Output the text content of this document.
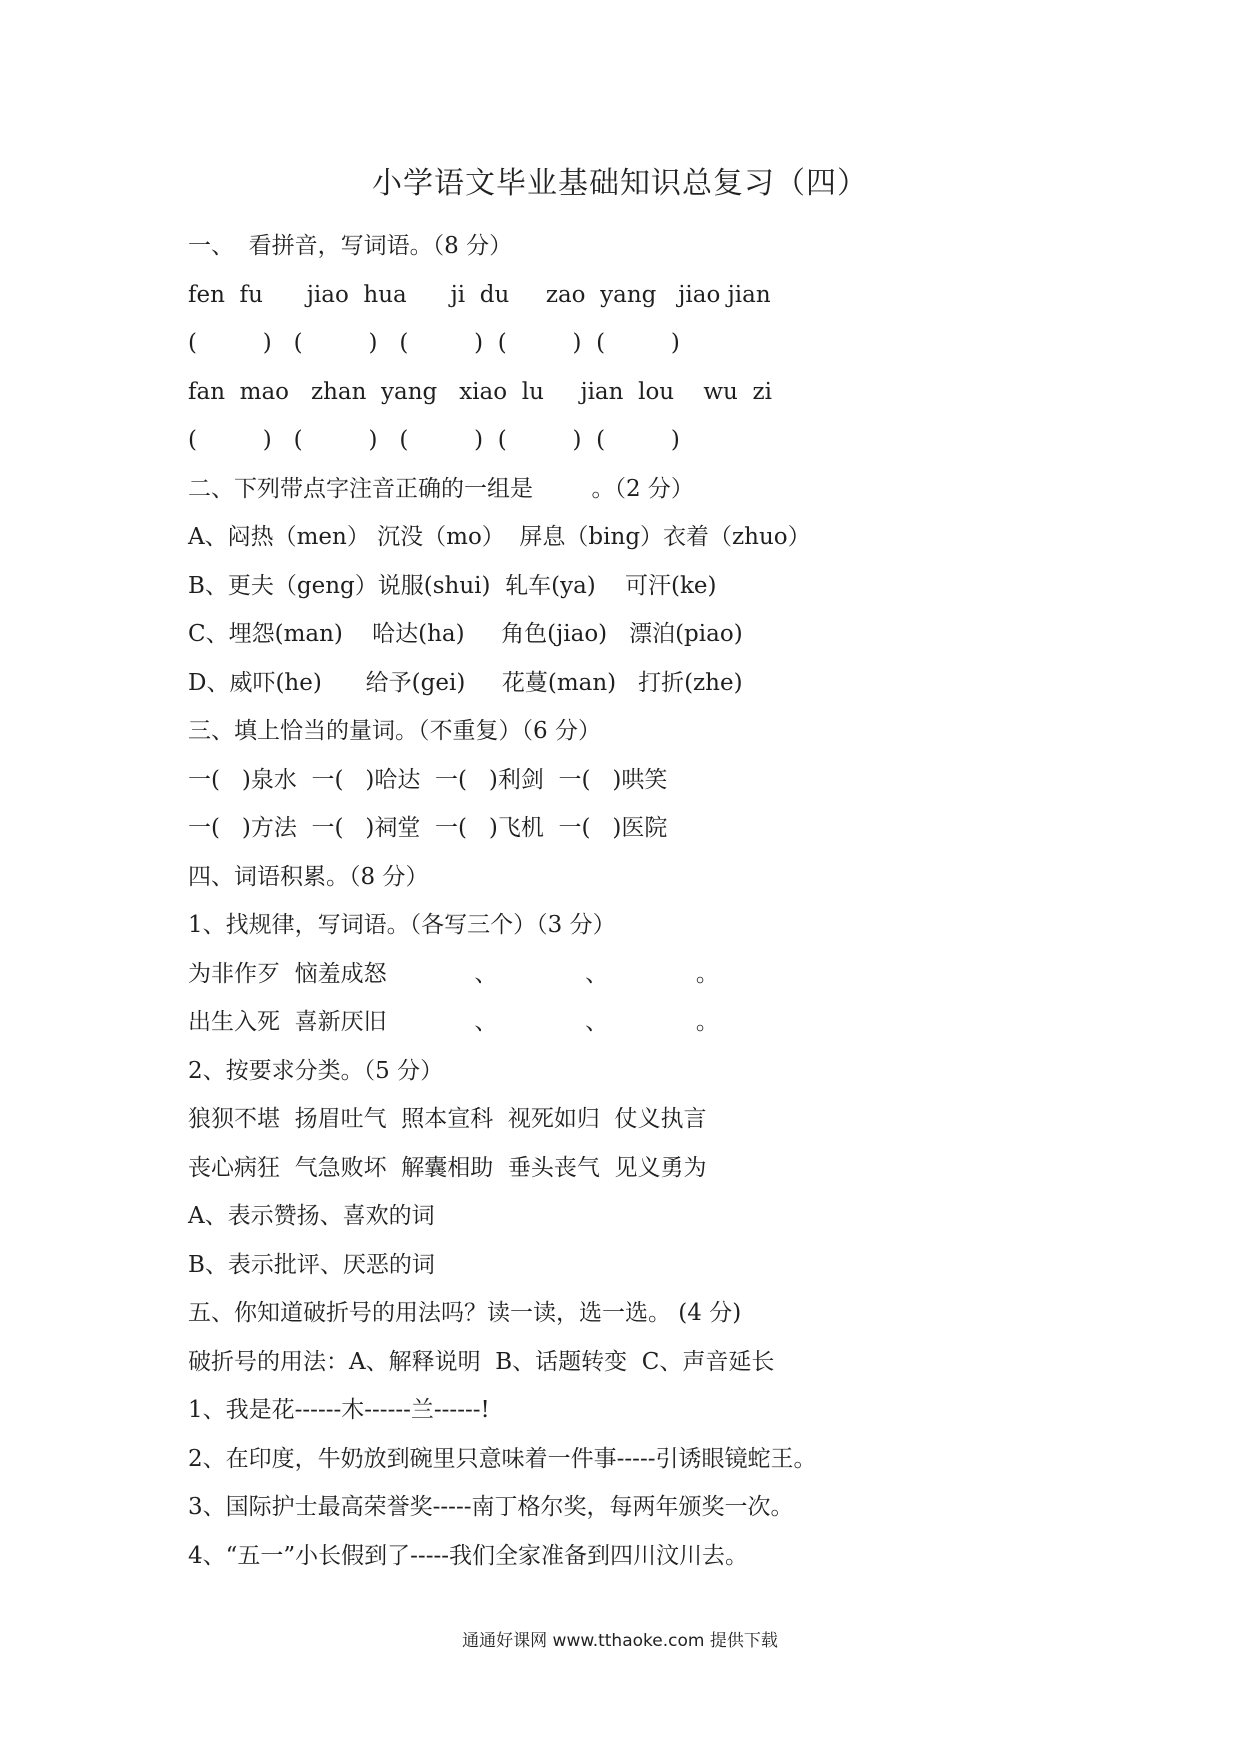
小学语文毕业基础知识总复习（四）
一、  看拼音，写词语。（8 分）
fen  fu      jiao  hua      ji  du     zao  yang   jiao jian
(         )   (         )   (         )  (         )  (         )
fan  mao   zhan  yang   xiao  lu     jian  lou    wu  zi
(         )   (         )   (         )  (         )  (         )
二、下列带点字注音正确的一组是        。（2 分）
A、闷热（men） 沉没（mo）  屏息（bing）衣着（zhuo）
B、更夫（geng）说服(shui)  轧车(ya)    可汗(ke)
C、埋怨(man)    哈达(ha)     角色(jiao)   漂泊(piao)
D、威吓(he)      给予(gei)     花蔓(man)   打折(zhe)
三、填上恰当的量词。（不重复）（6 分）
一(   )泉水  一(   )哈达  一(   )利剑  一(   )哄笑
一(   )方法  一(   )祠堂  一(   )飞机  一(   )医院
四、词语积累。（8 分）
1、找规律，写词语。（各写三个）（3 分）
为非作歹  恼羞成怒            、            、            。
出生入死  喜新厌旧            、            、            。
2、按要求分类。（5 分）
狼狈不堪  扬眉吐气  照本宣科  视死如归  仗义执言
丧心病狂  气急败坏  解囊相助  垂头丧气  见义勇为
A、表示赞扬、喜欢的词
B、表示批评、厌恶的词
五、你知道破折号的用法吗？读一读，选一选。 (4 分)
破折号的用法：A、解释说明  B、话题转变  C、声音延长
1、我是花------木------兰------!
2、在印度，牛奶放到碗里只意味着一件事-----引诱眼镜蛇王。
3、国际护士最高荣誉奖-----南丁格尔奖，每两年颁奖一次。
4、“五一”小长假到了-----我们全家准备到四川汶川去。
通通好课网 www.tthaoke.com 提供下载
